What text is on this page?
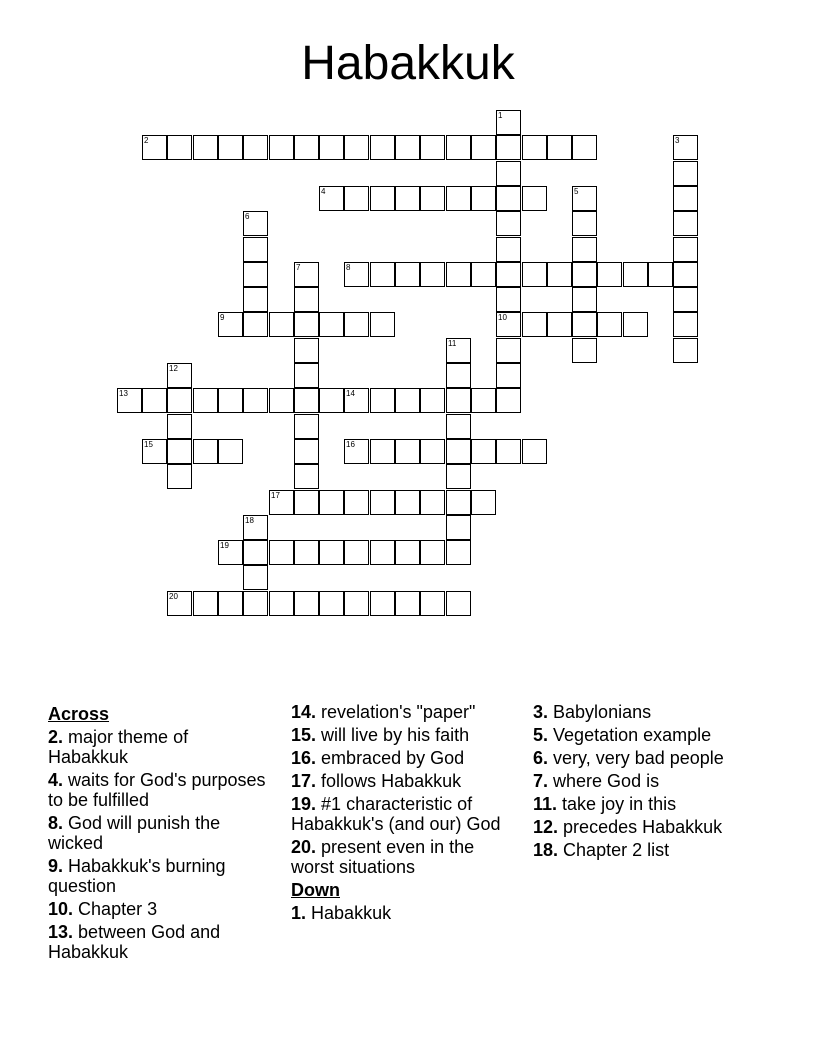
Habakkuk
1
10
2	3
4	5
6
7	8
9
11
12
13	14
15	16
17
18
19
20
Across
2. major theme of Habakkuk
4. waits for God's purposes to be fulfilled
8. God will punish the wicked
9. Habakkuk's burning question
10. Chapter 3
13. between God and Habakkuk
14. revelation's "paper"
15. will live by his faith
16. embraced by God
17. follows Habakkuk
19. #1 characteristic of Habakkuk's (and our) God
20. present even in the worst situations
Down
1. Habakkuk
3. Babylonians
5. Vegetation example
6. very, very bad people
7. where God is
11. take joy in this
12. precedes Habakkuk
18. Chapter 2 list
